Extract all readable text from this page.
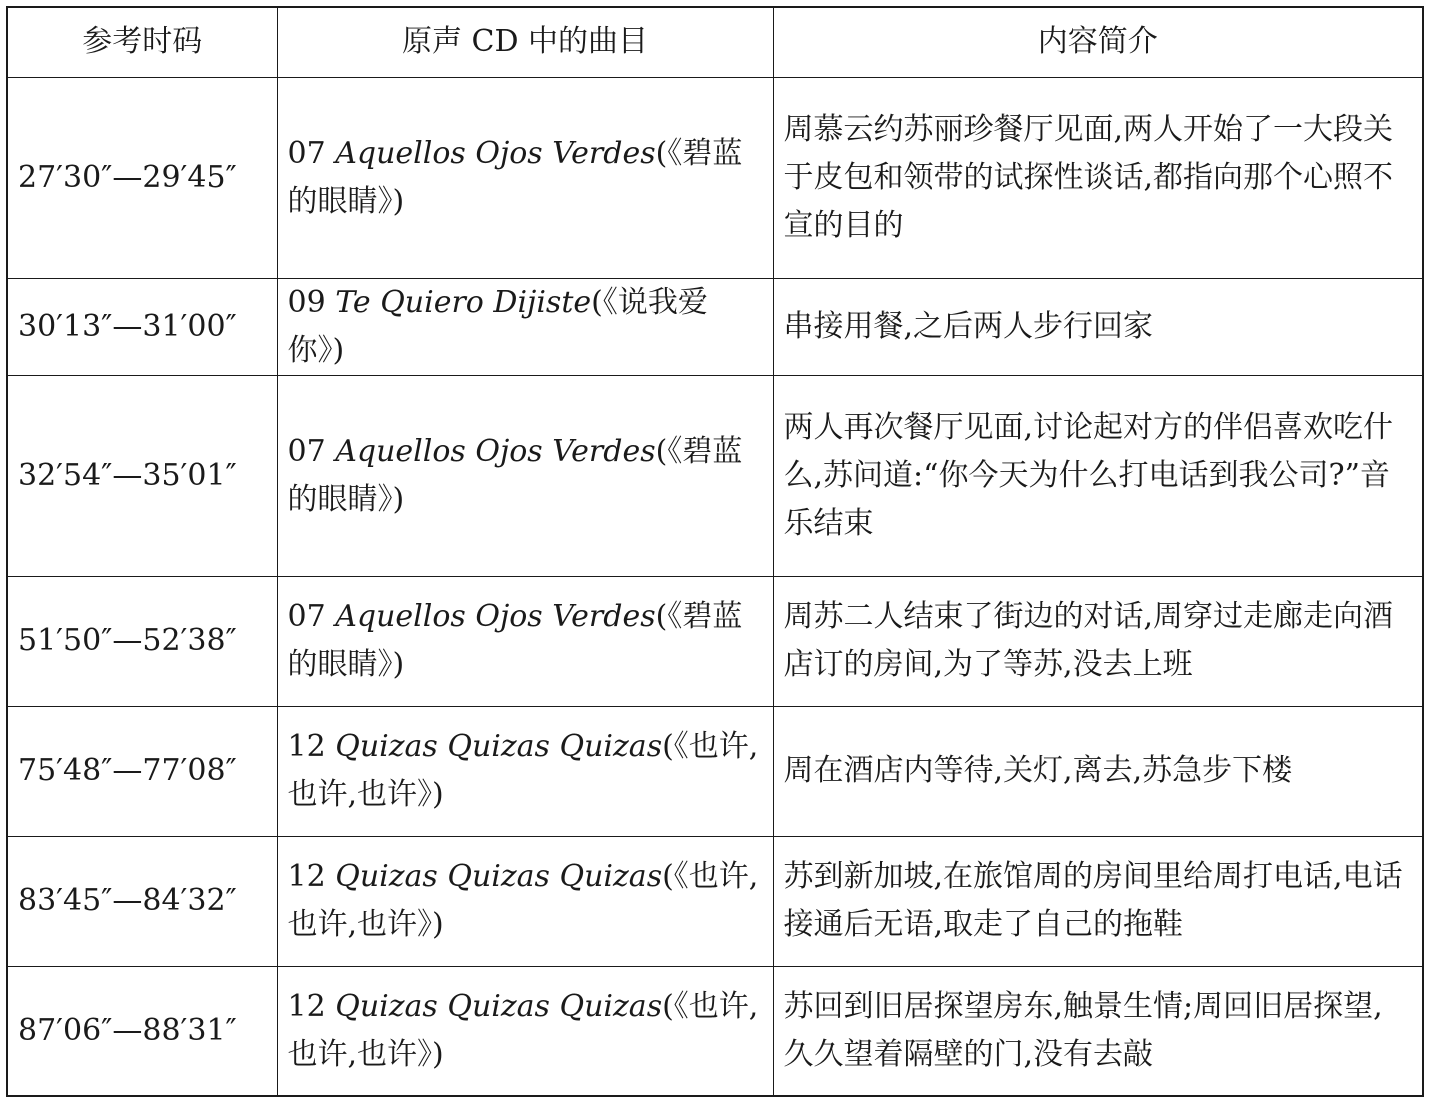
参考时码	原声 CD 中的曲目	内容简介
27′30″—29′45″	07 Aquellos Ojos Verdes(《碧蓝的眼睛》)	周慕云约苏丽珍餐厅见面,两人开始了一大段关于皮包和领带的试探性谈话,都指向那个心照不宣的目的
30′13″—31′00″	09 Te Quiero Dijiste(《说我爱你》)	串接用餐,之后两人步行回家
32′54″—35′01″	07 Aquellos Ojos Verdes(《碧蓝的眼睛》)	两人再次餐厅见面,讨论起对方的伴侣喜欢吃什么,苏问道:“你今天为什么打电话到我公司?”音乐结束
51′50″—52′38″	07 Aquellos Ojos Verdes(《碧蓝的眼睛》)	周苏二人结束了街边的对话,周穿过走廊走向酒店订的房间,为了等苏,没去上班
75′48″—77′08″	12 Quizas Quizas Quizas(《也许,也许,也许》)	周在酒店内等待,关灯,离去,苏急步下楼
83′45″—84′32″	12 Quizas Quizas Quizas(《也许,也许,也许》)	苏到新加坡,在旅馆周的房间里给周打电话,电话接通后无语,取走了自己的拖鞋
87′06″—88′31″	12 Quizas Quizas Quizas(《也许,也许,也许》)	苏回到旧居探望房东,触景生情;周回旧居探望,久久望着隔壁的门,没有去敲
